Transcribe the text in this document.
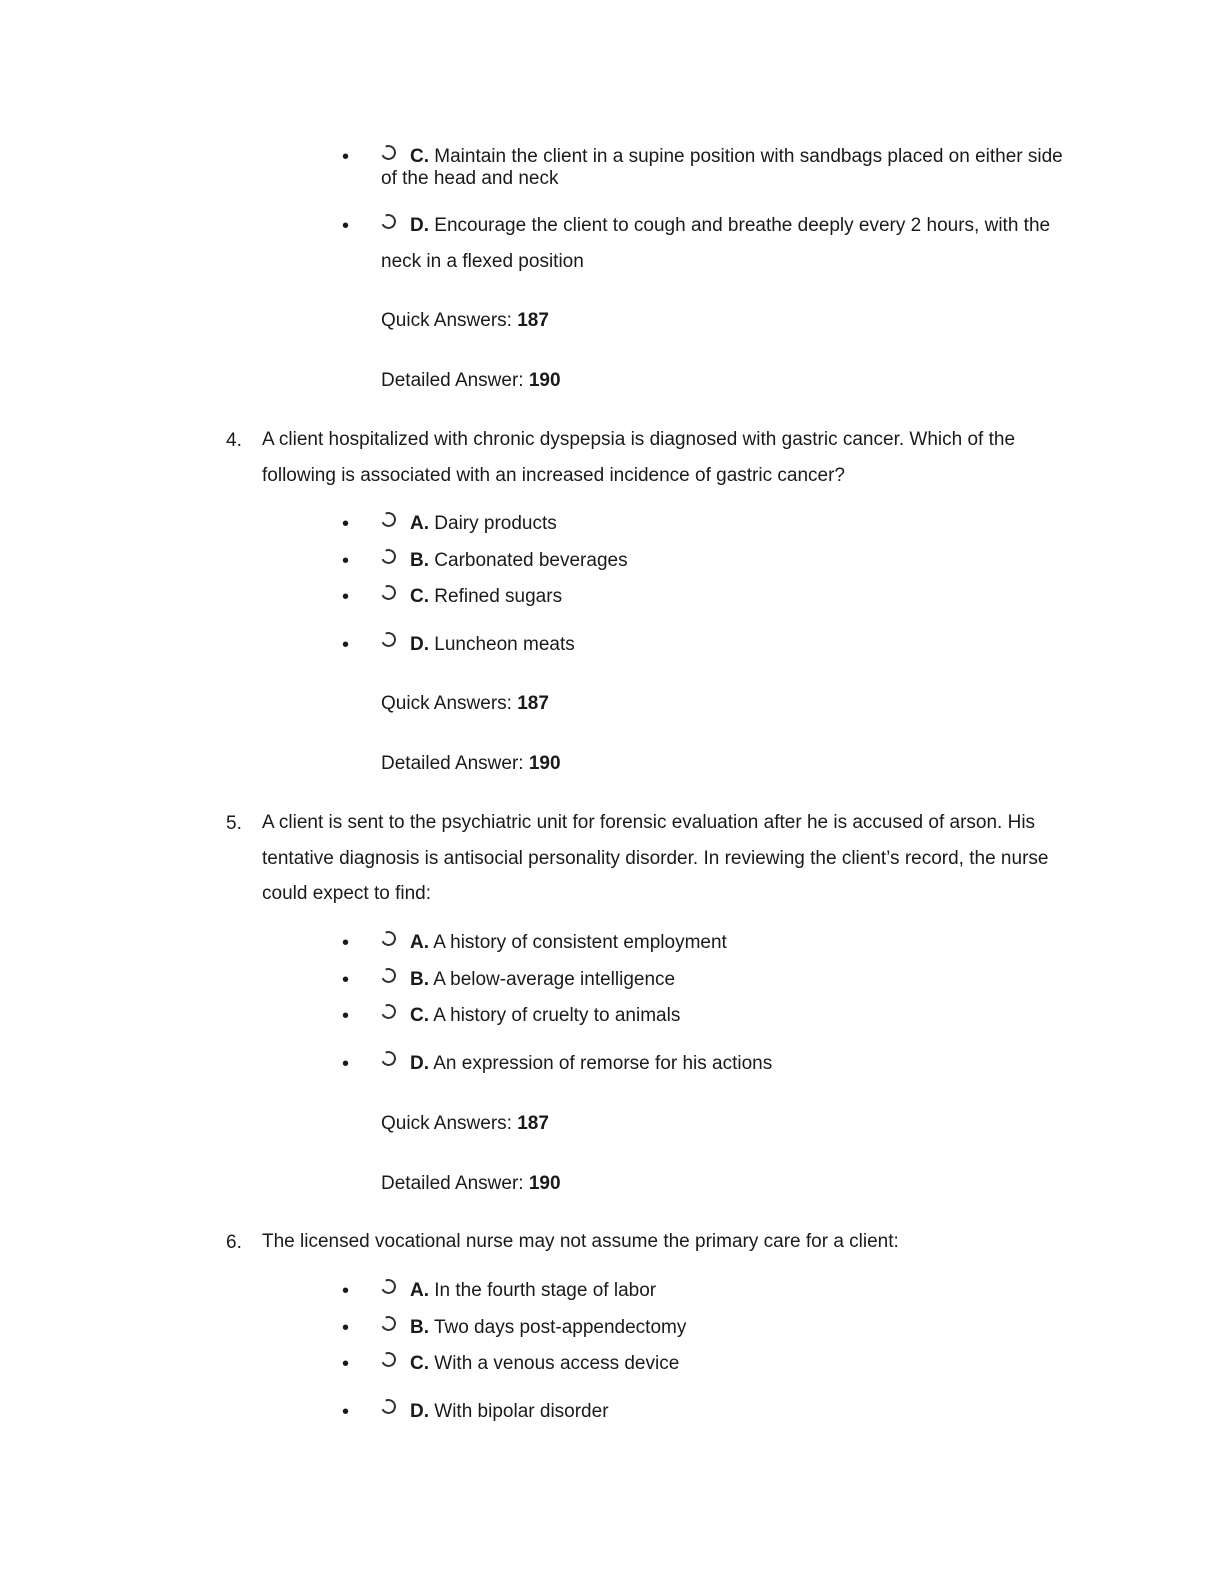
•	C. Maintain the client in a supine position with sandbags placed on either side
of the head and neck
•	D. Encourage the client to cough and breathe deeply every 2 hours, with the
neck in a flexed position
Quick Answers: 187
Detailed Answer: 190
4. A client hospitalized with chronic dyspepsia is diagnosed with gastric cancer. Which of the
following is associated with an increased incidence of gastric cancer?
•	A. Dairy products
•	B. Carbonated beverages
•	C. Refined sugars
•	D. Luncheon meats
Quick Answers: 187
Detailed Answer: 190
5. A client is sent to the psychiatric unit for forensic evaluation after he is accused of arson. His
tentative diagnosis is antisocial personality disorder. In reviewing the client’s record, the nurse
could expect to find:
•	A. A history of consistent employment
•	B. A below-average intelligence
•	C. A history of cruelty to animals
•	D. An expression of remorse for his actions
Quick Answers: 187
Detailed Answer: 190
6. The licensed vocational nurse may not assume the primary care for a client:
•	A. In the fourth stage of labor
•	B. Two days post-appendectomy
•	C. With a venous access device
•	D. With bipolar disorder
